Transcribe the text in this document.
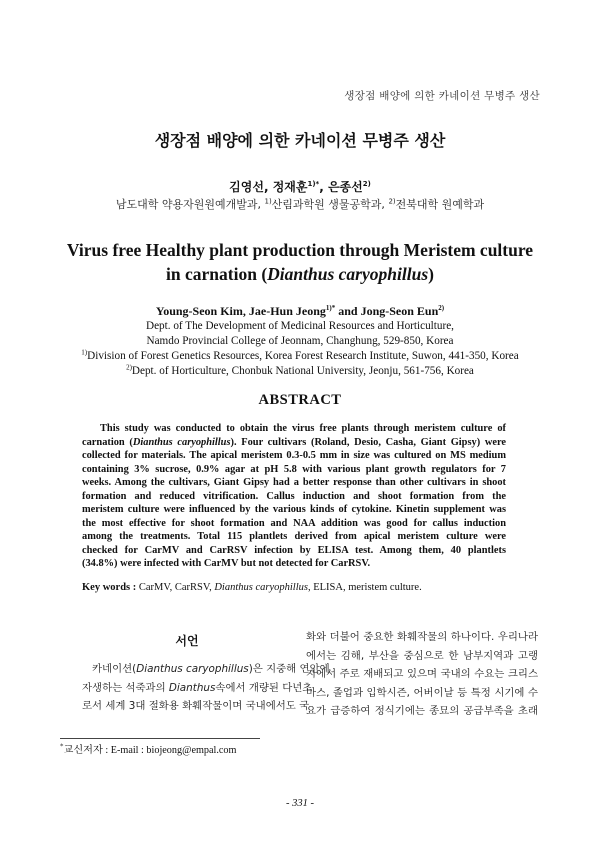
생장점 배양에 의한 카네이션 무병주 생산
생장점 배양에 의한 카네이션 무병주 생산
김영선, 정재훈$^{1)*}$, 은종선$^{2)}$
남도대학 약용자원원예개발과, $^{1)}$산림과학원 생물공학과, $^{2)}$전북대학 원예학과
Virus free Healthy plant production through Meristem culture
in carnation (Dianthus caryophillus)
Young-Seon Kim, Jae-Hun Jeong$^{1)*}$ and Jong-Seon Eun$^{2)}$
Dept. of The Development of Medicinal Resources and Horticulture,
Namdo Provincial College of Jeonnam, Changhung, 529-850, Korea
$^{1)}$Division of Forest Genetics Resources, Korea Forest Research Institute, Suwon, 441-350, Korea
$^{2)}$Dept. of Horticulture, Chonbuk National University, Jeonju, 561-756, Korea
ABSTRACT
This study was conducted to obtain the virus free plants through meristem culture of
carnation (Dianthus caryophillus). Four cultivars (Roland, Desio, Casha, Giant Gipsy) were
collected for materials. The apical meristem 0.3-0.5 mm in size was cultured on MS medium
containing 3% sucrose, 0.9% agar at pH 5.8 with various plant growth regulators for 7
weeks. Among the cultivars, Giant Gipsy had a better response than other cultivars in shoot
formation and reduced vitrification. Callus induction and shoot formation from the
meristem culture were influenced by the various kinds of cytokine. Kinetin supplement was
the most effective for shoot formation and NAA addition was good for callus induction
among the treatments. Total 115 plantlets derived from apical meristem culture were
checked for CarMV and CarRSV infection by ELISA test. Among them, 40 plantlets
(34.8%) were infected with CarMV but not detected for CarRSV.
Key words : CarMV, CarRSV, Dianthus caryophillus, ELISA, meristem culture.
서언
카네이션(Dianthus caryophillus)은 지중해 연안에
자생하는 석죽과의 Dianthus속에서 개량된 다년초
로서 세계 3대 절화용 화훼작물이며 국내에서도 국
화와 더불어 중요한 화훼작물의 하나이다. 우리나라
에서는 김해, 부산을 중심으로 한 남부지역과 고랭
지에서 주로 재배되고 있으며 국내의 수요는 크리스
마스, 졸업과 입학시즌, 어버이날 등 특정 시기에 수
요가 급증하여 정식기에는 종묘의 공급부족을 초래
*교신저자 : E-mail : biojeong@empal.com
- 331 -
